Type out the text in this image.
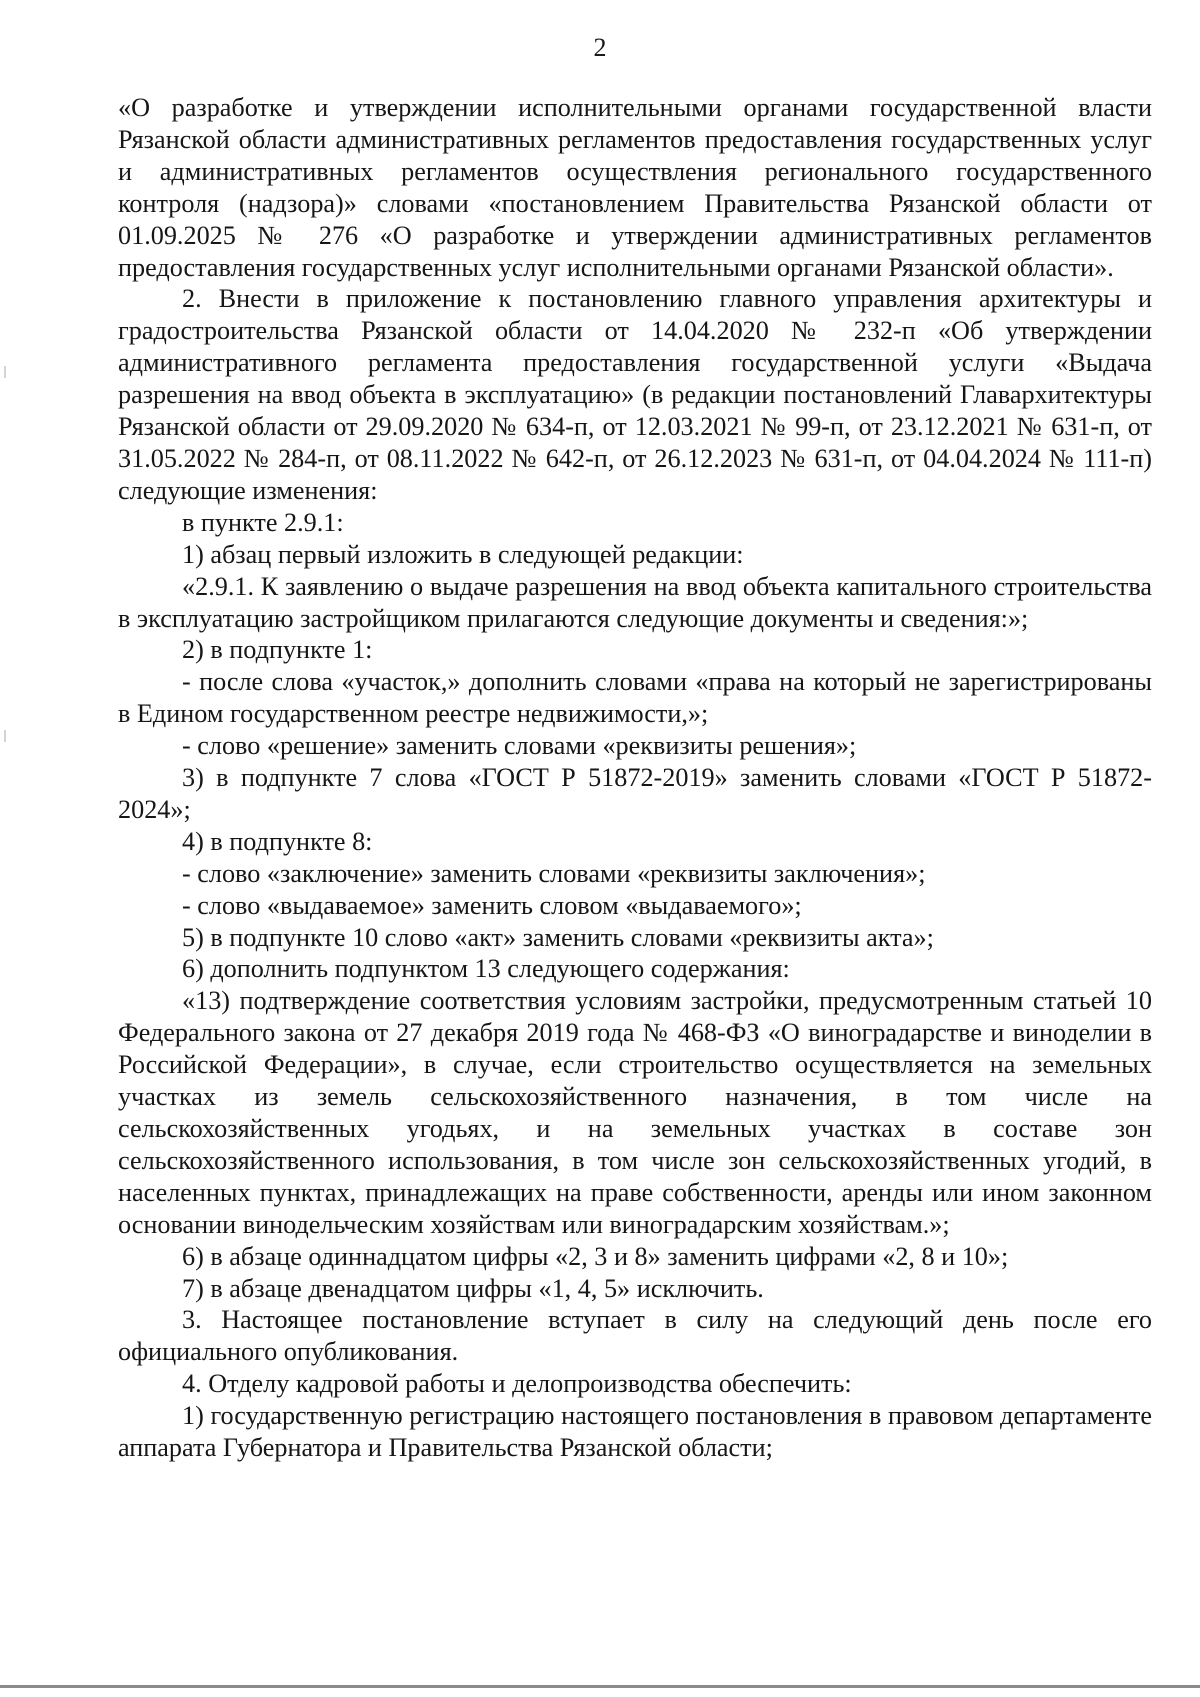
2

«О разработке и утверждении исполнительными органами государственной власти Рязанской области административных регламентов предоставления государственных услуг и административных регламентов осуществления регионального государственного контроля (надзора)» словами «постановлением Правительства Рязанской области от 01.09.2025 № 276 «О разработке и утверждении административных регламентов предоставления государственных услуг исполнительными органами Рязанской области».

2. Внести в приложение к постановлению главного управления архитектуры и градостроительства Рязанской области от 14.04.2020 № 232-п «Об утверждении административного регламента предоставления государственной услуги «Выдача разрешения на ввод объекта в эксплуатацию» (в редакции постановлений Главархитектуры Рязанской области от 29.09.2020 № 634-п, от 12.03.2021 № 99-п, от 23.12.2021 № 631-п, от 31.05.2022 № 284-п, от 08.11.2022 № 642-п, от 26.12.2023 № 631-п, от 04.04.2024 № 111-п) следующие изменения:

в пункте 2.9.1:

1) абзац первый изложить в следующей редакции:

«2.9.1. К заявлению о выдаче разрешения на ввод объекта капитального строительства в эксплуатацию застройщиком прилагаются следующие документы и сведения:»;

2) в подпункте 1:

- после слова «участок,» дополнить словами «права на который не зарегистрированы в Едином государственном реестре недвижимости,»;

- слово «решение» заменить словами «реквизиты решения»;

3) в подпункте 7 слова «ГОСТ Р 51872-2019» заменить словами «ГОСТ Р 51872-2024»;

4) в подпункте 8:

- слово «заключение» заменить словами «реквизиты заключения»;

- слово «выдаваемое» заменить словом «выдаваемого»;

5) в подпункте 10 слово «акт» заменить словами «реквизиты акта»;

6) дополнить подпунктом 13 следующего содержания:

«13) подтверждение соответствия условиям застройки, предусмотренным статьей 10 Федерального закона от 27 декабря 2019 года № 468-ФЗ «О виноградарстве и виноделии в Российской Федерации», в случае, если строительство осуществляется на земельных участках из земель сельскохозяйственного назначения, в том числе на сельскохозяйственных угодьях, и на земельных участках в составе зон сельскохозяйственного использования, в том числе зон сельскохозяйственных угодий, в населенных пунктах, принадлежащих на праве собственности, аренды или ином законном основании винодельческим хозяйствам или виноградарским хозяйствам.»;

6) в абзаце одиннадцатом цифры «2, 3 и 8» заменить цифрами «2, 8 и 10»;

7) в абзаце двенадцатом цифры «1, 4, 5» исключить.

3. Настоящее постановление вступает в силу на следующий день после его официального опубликования.

4. Отделу кадровой работы и делопроизводства обеспечить:

1) государственную регистрацию настоящего постановления в правовом департаменте аппарата Губернатора и Правительства Рязанской области;
